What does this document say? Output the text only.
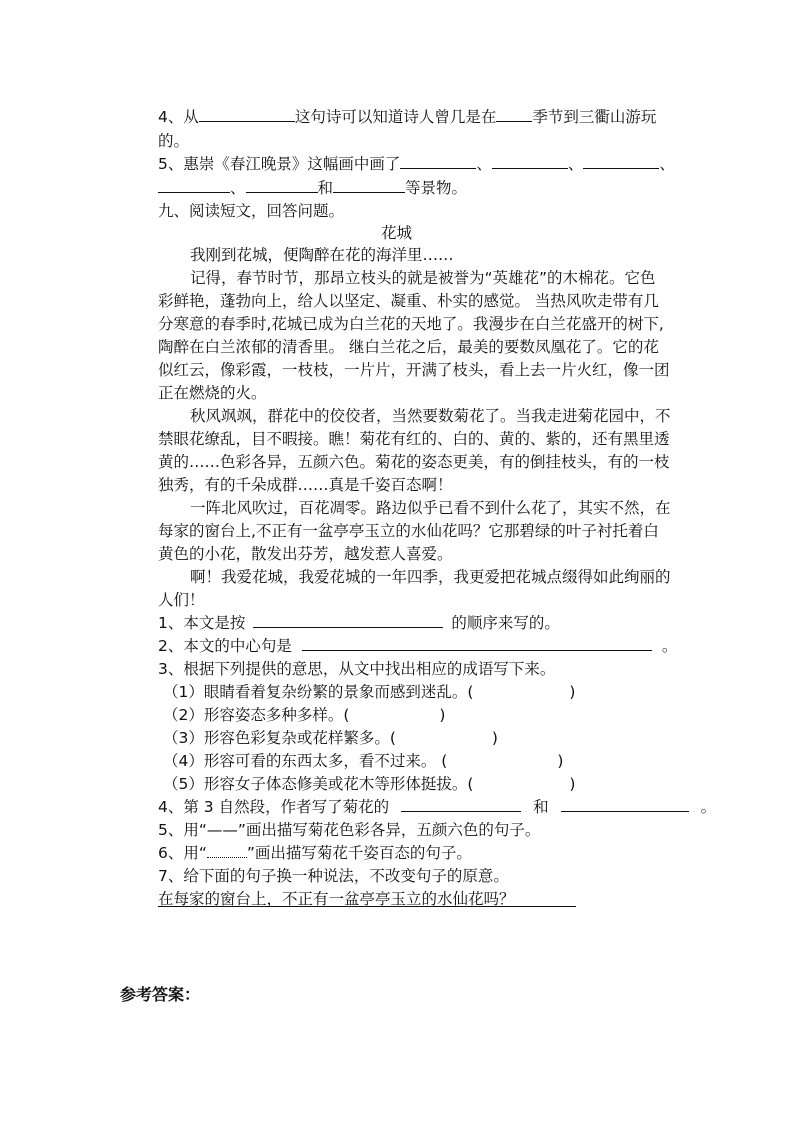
4、从	这句诗可以知道诗人曾几是在 季节到三衢山游玩
的。
5、惠崇《春江晚景》这幅画中画了	、	、	、
、	和	等景物。
九、阅读短文，回答问题。
花城
我刚到花城，便陶醉在花的海洋里……
记得，春节时节，那昂立枝头的就是被誉为“英雄花”的木棉花。它色
彩鲜艳，蓬勃向上，给人以坚定、凝重、朴实的感觉。 当热风吹走带有几
分寒意的春季时,花城已成为白兰花的天地了。我漫步在白兰花盛开的树下,
陶醉在白兰浓郁的清香里。 继白兰花之后，最美的要数凤凰花了。它的花
似红云，像彩霞，一枝枝，一片片，开满了枝头，看上去一片火红，像一团
正在燃烧的火。
秋风飒飒，群花中的佼佼者，当然要数菊花了。当我走进菊花园中，不
禁眼花缭乱，目不暇接。瞧！菊花有红的、白的、黄的、紫的，还有黑里透
黄的……色彩各异，五颜六色。菊花的姿态更美，有的倒挂枝头，有的一枝
独秀，有的千朵成群……真是千姿百态啊！
一阵北风吹过，百花凋零。路边似乎已看不到什么花了，其实不然，在
每家的窗台上,不正有一盆亭亭玉立的水仙花吗？它那碧绿的叶子衬托着白
黄色的小花，散发出芬芳，越发惹人喜爱。
啊！我爱花城，我爱花城的一年四季，我更爱把花城点缀得如此绚丽的
人们！
1、本文是按	的顺序来写的。
2、本文的中心句是	。
3、根据下列提供的意思，从文中找出相应的成语写下来。
（1）眼睛看着复杂纷繁的景象而感到迷乱。(	)
（2）形容姿态多种多样。(	)
（3）形容色彩复杂或花样繁多。(	)
（4）形容可看的东西太多，看不过来。 (	)
（5）形容女子体态修美或花木等形体挺拔。(	)
4、第 3 自然段，作者写了菊花的	和	。
5、用“——”画出描写菊花色彩各异，五颜六色的句子。
6、用“	”画出描写菊花千姿百态的句子。
7、给下面的句子换一种说法，不改变句子的原意。
在每家的窗台上，不正有一盆亭亭玉立的水仙花吗？
参考答案：
